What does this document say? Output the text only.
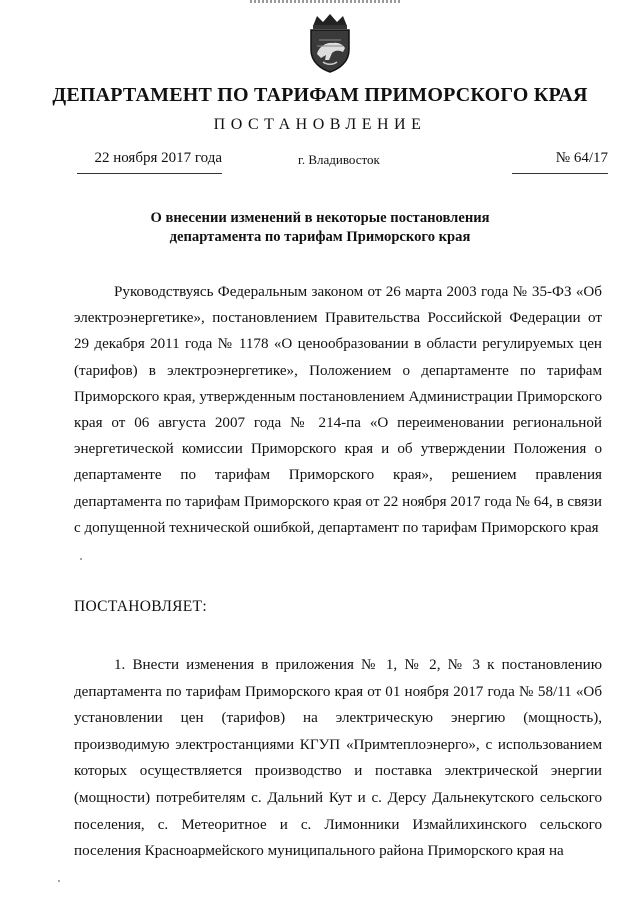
ДЕПАРТАМЕНТ ПО ТАРИФАМ ПРИМОРСКОГО КРАЯ
ПОСТАНОВЛЕНИЕ
22 ноября 2017 года	г. Владивосток	№ 64/17
О внесении изменений в некоторые постановления
департамента по тарифам Приморского края

Руководствуясь Федеральным законом от 26 марта 2003 года № 35-ФЗ «Об электроэнергетике», постановлением Правительства Российской Федерации от 29 декабря 2011 года № 1178 «О ценообразовании в области регулируемых цен (тарифов) в электроэнергетике», Положением о департаменте по тарифам Приморского края, утвержденным постановлением Администрации Приморского края от 06 августа 2007 года № 214-па «О переименовании региональной энергетической комиссии Приморского края и об утверждении Положения о департаменте по тарифам Приморского края», решением правления департамента по тарифам Приморского края от 22 ноября 2017 года № 64, в связи с допущенной технической ошибкой, департамент по тарифам Приморского края

ПОСТАНОВЛЯЕТ:

1. Внести изменения в приложения № 1, № 2, № 3 к постановлению департамента по тарифам Приморского края от 01 ноября 2017 года № 58/11 «Об установлении цен (тарифов) на электрическую энергию (мощность), производимую электростанциями КГУП «Примтеплоэнерго», с использованием которых осуществляется производство и поставка электрической энергии (мощности) потребителям с. Дальний Кут и с. Дерсу Дальнекутского сельского поселения, с. Метеоритное и с. Лимонники Измайлихинского сельского поселения Красноармейского муниципального района Приморского края на
